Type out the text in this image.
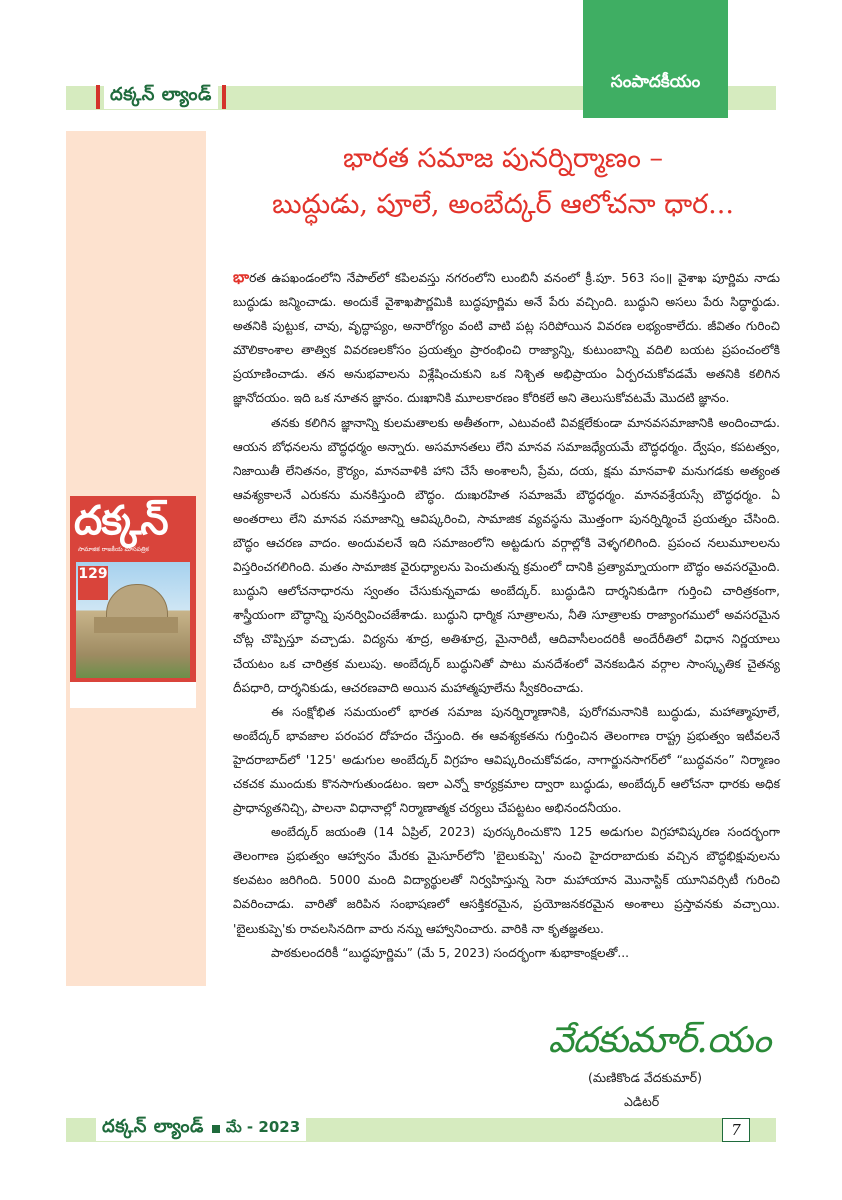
సంపాదకీయం
దక్కన్ ల్యాండ్
దక్కన్
సామాజిక రాజకీయ మాసపత్రిక
129
భారత సమాజ పునర్నిర్మాణం –
బుద్ధుడు, పూలే, అంబేద్కర్ ఆలోచనా ధార...

భారత ఉపఖండంలోని నేపాల్‌లో కపిలవస్తు నగరంలోని లుంబినీ వనంలో క్రీ.పూ. 563 సం॥ వైశాఖ పూర్ణిమ నాడు బుద్ధుడు జన్మించాడు. అందుకే వైశాఖపౌర్ణమికి బుద్ధపూర్ణిమ అనే పేరు వచ్చింది. బుద్ధుని అసలు పేరు సిద్ధార్థుడు. అతనికి పుట్టుక, చావు, వృద్ధాప్యం, అనారోగ్యం వంటి వాటి పట్ల సరిపోయిన వివరణ లభ్యంకాలేదు. జీవితం గురించి మౌలికాంశాల తాత్విక వివరణలకోసం ప్రయత్నం ప్రారంభించి రాజ్యాన్ని, కుటుంబాన్ని వదిలి బయట ప్రపంచంలోకి ప్రయాణించాడు. తన అనుభవాలను విశ్లేషించుకుని ఒక నిశ్చిత అభిప్రాయం ఏర్పరచుకోవడమే అతనికి కలిగిన జ్ఞానోదయం. ఇది ఒక నూతన జ్ఞానం. దుఃఖానికి మూలకారణం కోరికలే అని తెలుసుకోవటమే మొదటి జ్ఞానం.

తనకు కలిగిన జ్ఞానాన్ని కులమతాలకు అతీతంగా, ఎటువంటి వివక్షలేకుండా మానవసమాజానికి అందించాడు. ఆయన బోధనలను బౌద్ధధర్మం అన్నారు. అసమానతలు లేని మానవ సమాజధ్యేయమే బౌద్ధధర్మం. ద్వేషం, కపటత్వం, నిజాయితీ లేనితనం, క్రౌర్యం, మానవాళికి హాని చేసే అంశాలనీ, ప్రేమ, దయ, క్షమ మానవాళి మనుగడకు అత్యంత ఆవశ్యకాలనే ఎరుకను మనకిస్తుంది బౌద్ధం. దుఃఖరహిత సమాజమే బౌద్ధధర్మం. మానవశ్రేయస్సే బౌద్ధధర్మం. ఏ అంతరాలు లేని మానవ సమాజాన్ని ఆవిష్కరించి, సామాజిక వ్యవస్థను మొత్తంగా పునర్నిర్మించే ప్రయత్నం చేసింది. బౌద్ధం ఆచరణ వాదం. అందువలనే ఇది సమాజంలోని అట్టడుగు వర్గాల్లోకి వెళ్ళగలిగింది. ప్రపంచ నలుమూలలను విస్తరించగలిగింది. మతం సామాజిక వైరుధ్యాలను పెంచుతున్న క్రమంలో దానికి ప్రత్యామ్నాయంగా బౌద్ధం అవసరమైంది. బుద్ధుని ఆలోచనాధారను స్వంతం చేసుకున్నవాడు అంబేద్కర్. బుద్ధుడిని దార్శనికుడిగా గుర్తించి చారిత్రకంగా, శాస్త్రీయంగా బౌద్ధాన్ని పునర్వివించజేశాడు. బుద్ధుని ధార్మిక సూత్రాలను, నీతి సూత్రాలకు రాజ్యాంగములో అవసరమైన చోట్ల చొప్పిస్తూ వచ్చాడు. విద్యను శూద్ర, అతిశూద్ర, మైనారిటీ, ఆదివాసీలందరికీ అందేరీతిలో విధాన నిర్ణయాలు చేయటం ఒక చారిత్రక మలుపు. అంబేద్కర్ బుద్ధునితో పాటు మనదేశంలో వెనకబడిన వర్గాల సాంస్కృతిక చైతన్య దీపధారి, దార్శనికుడు, ఆచరణవాది అయిన మహాత్మపూలేను స్వీకరించాడు.

ఈ సంక్షోభిత సమయంలో భారత సమాజ పునర్నిర్మాణానికి, పురోగమనానికి బుద్ధుడు, మహాత్మాపూలే, అంబేద్కర్ భావజాల పరంపర దోహదం చేస్తుంది. ఈ ఆవశ్యకతను గుర్తించిన తెలంగాణ రాష్ట్ర ప్రభుత్వం ఇటీవలనే హైదరాబాద్‌లో '125' అడుగుల అంబేద్కర్ విగ్రహం ఆవిష్కరించుకోవడం, నాగార్జునసాగర్‌లో “బుద్ధవనం” నిర్మాణం చకచక ముందుకు కొనసాగుతుండటం. ఇలా ఎన్నో కార్యక్రమాల ద్వారా బుద్ధుడు, అంబేద్కర్ ఆలోచనా ధారకు అధిక ప్రాధాన్యతనిచ్చి, పాలనా విధానాల్లో నిర్మాణాత్మక చర్యలు చేపట్టటం అభినందనీయం.

అంబేద్కర్ జయంతి (14 ఏప్రిల్, 2023) పురస్కరించుకొని 125 అడుగుల విగ్రహావిష్కరణ సందర్భంగా తెలంగాణ ప్రభుత్వం ఆహ్వానం మేరకు మైసూర్‌లోని 'బైలుకుప్పె' నుంచి హైదరాబాదుకు వచ్చిన బౌద్ధభిక్షువులను కలవటం జరిగింది. 5000 మంది విద్యార్థులతో నిర్వహిస్తున్న సెరా మహాయాన మొనాస్టిక్ యూనివర్సిటీ గురించి వివరించాడు. వారితో జరిపిన సంభాషణలో ఆసక్తికరమైన, ప్రయోజనకరమైన అంశాలు ప్రస్తావనకు వచ్చాయి. 'బైలుకుప్పె'కు రావలసినదిగా వారు నన్ను ఆహ్వానించారు. వారికి నా కృతజ్ఞతలు.

పాఠకులందరికీ “బుద్ధపూర్ణిమ” (మే 5, 2023) సందర్భంగా శుభాకాంక్షలతో...

వేదకుమార్.యం
(మణికొండ వేదకుమార్)
ఎడిటర్
దక్కన్ ల్యాండ్ మే - 2023	7
